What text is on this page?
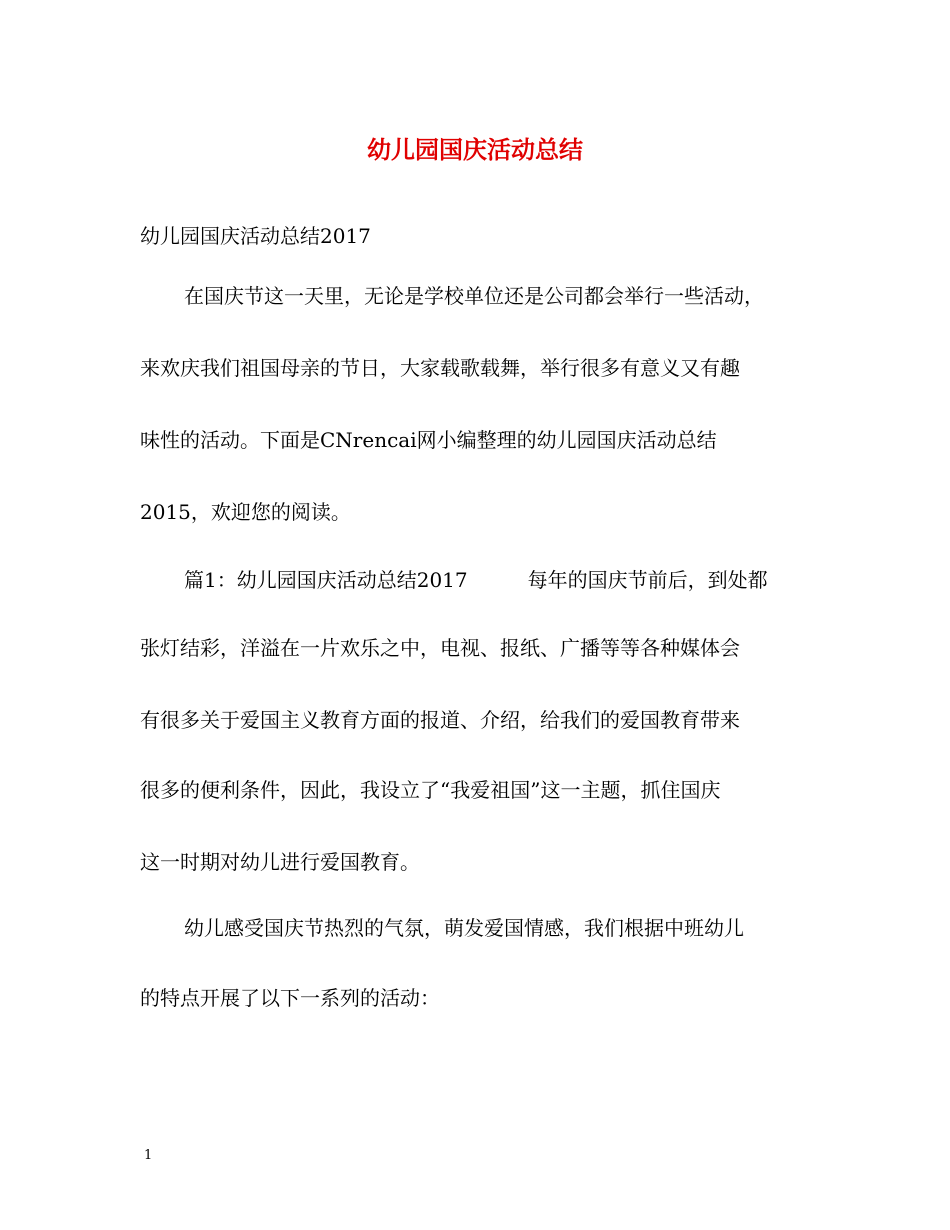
幼儿园国庆活动总结

幼儿园国庆活动总结2017

在国庆节这一天里，无论是学校单位还是公司都会举行一些活动，

来欢庆我们祖国母亲的节日，大家载歌载舞，举行很多有意义又有趣

味性的活动。下面是CNrencai网小编整理的幼儿园国庆活动总结

2015，欢迎您的阅读。

篇1：幼儿园国庆活动总结2017　　　每年的国庆节前后，到处都

张灯结彩，洋溢在一片欢乐之中，电视、报纸、广播等等各种媒体会

有很多关于爱国主义教育方面的报道、介绍，给我们的爱国教育带来

很多的便利条件，因此，我设立了“我爱祖国”这一主题，抓住国庆

这一时期对幼儿进行爱国教育。

幼儿感受国庆节热烈的气氛，萌发爱国情感，我们根据中班幼儿

的特点开展了以下一系列的活动：

1
